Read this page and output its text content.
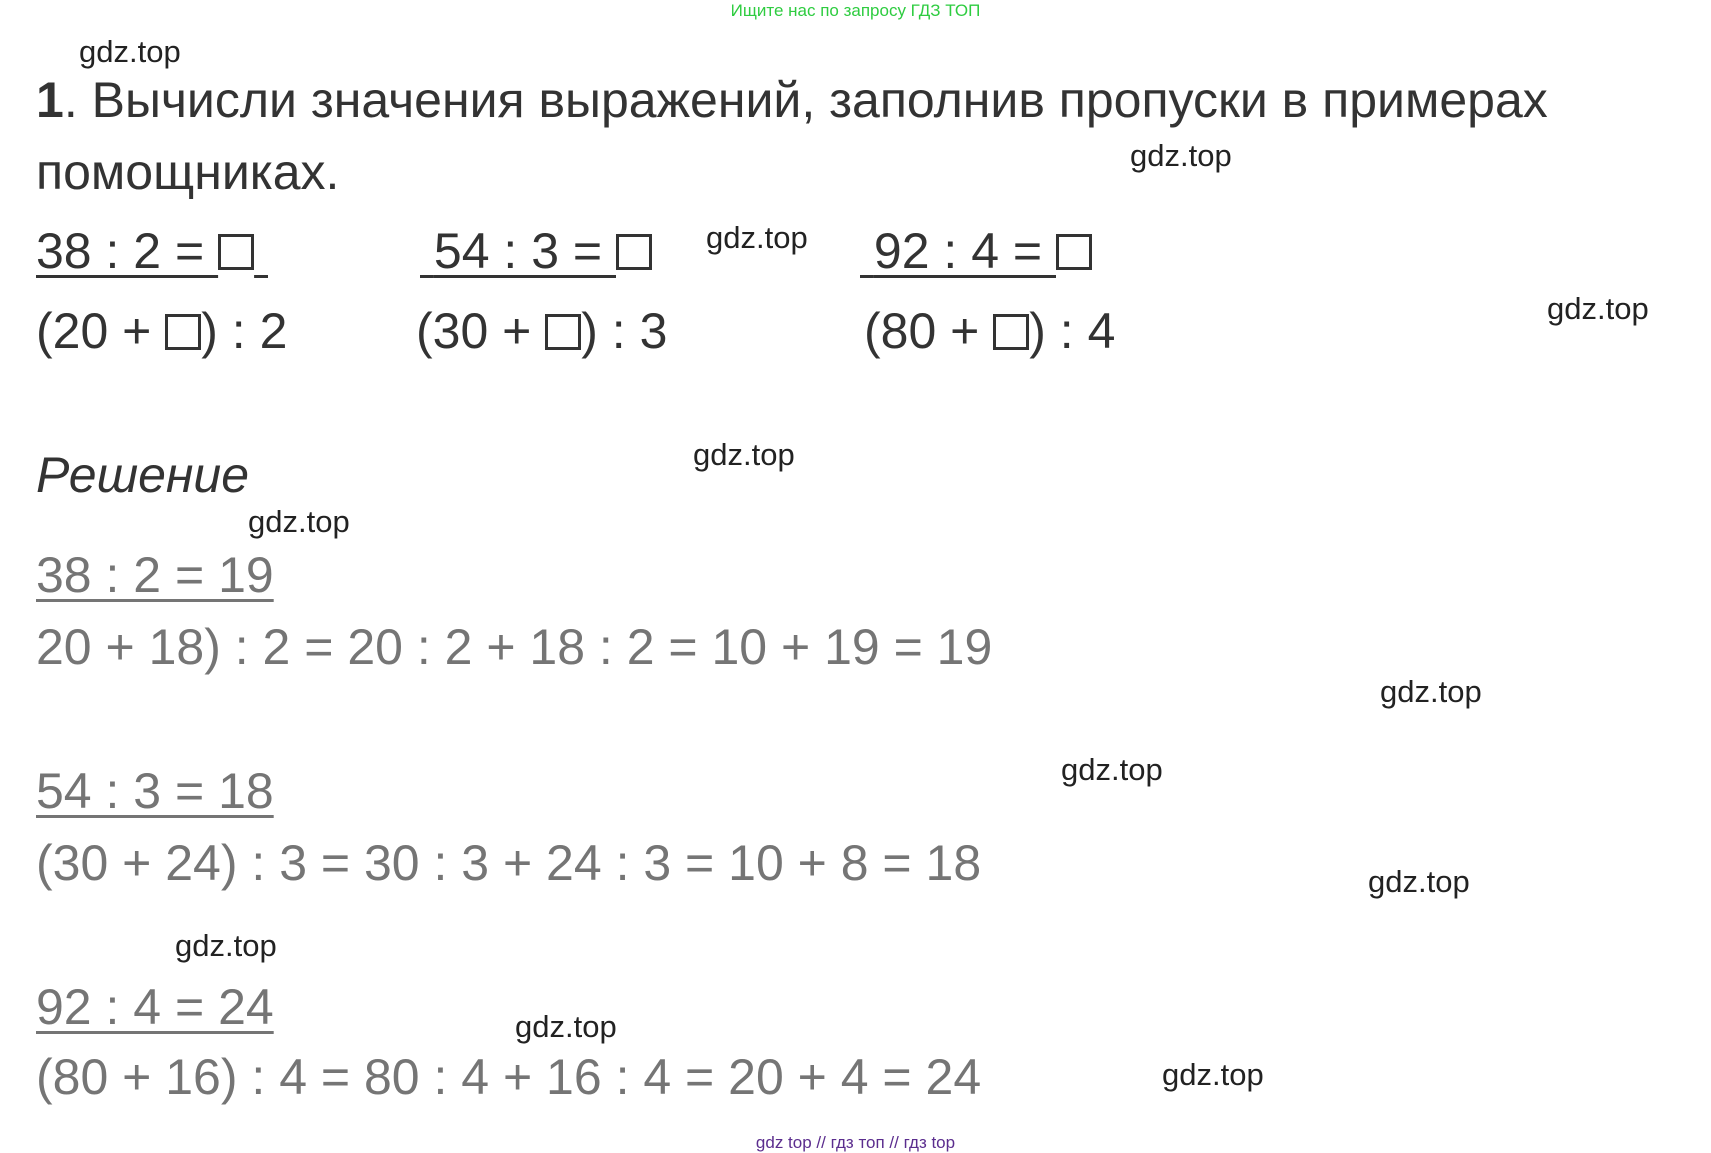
Ищите нас по запросу ГДЗ ТОП
gdz.top
1. Вычисли значения выражений, заполнив пропуски в примерах
помощниках.	gdz.top
38 : 2 =
(20 + ) : 2
54 : 3 =
(30 + ) : 3
gdz.top 92 : 4 =
(80 + ) : 4	gdz.top
Решение	gdz.top
gdz.top
38 : 2 = 19
20 + 18) : 2 = 20 : 2 + 18 : 2 = 10 + 19 = 19
gdz.top
gdz.top
54 : 3 = 18
(30 + 24) : 3 = 30 : 3 + 24 : 3 = 10 + 8 = 18	gdz.top
gdz.top
92 : 4 = 24	gdz.top
(80 + 16) : 4 = 80 : 4 + 16 : 4 = 20 + 4 = 24	gdz.top
gdz top // гдз топ // гдз top
